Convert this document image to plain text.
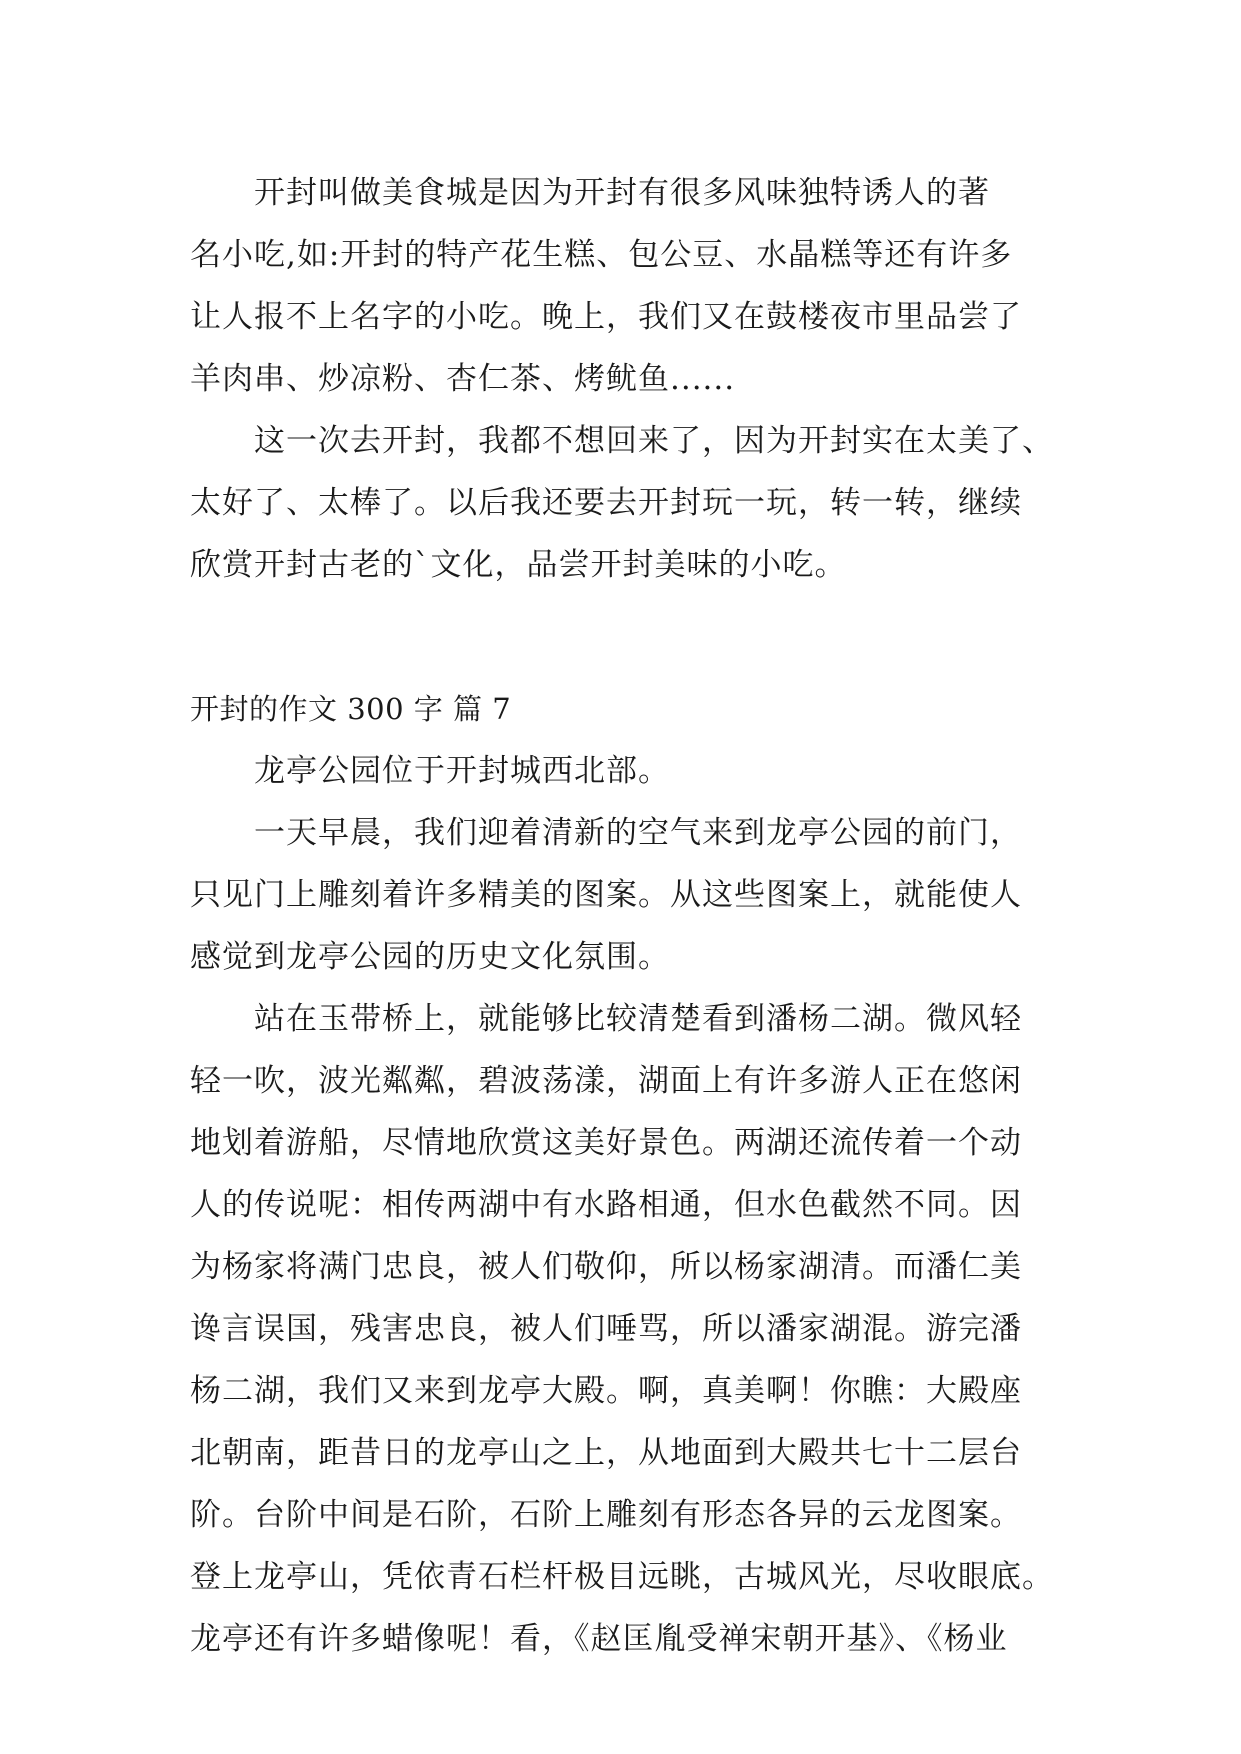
开封叫做美食城是因为开封有很多风味独特诱人的著
名小吃,如:开封的特产花生糕、包公豆、水晶糕等还有许多
让人报不上名字的小吃。晚上，我们又在鼓楼夜市里品尝了
羊肉串、炒凉粉、杏仁茶、烤鱿鱼......
这一次去开封，我都不想回来了，因为开封实在太美了、
太好了、太棒了。以后我还要去开封玩一玩，转一转，继续
欣赏开封古老的`文化，品尝开封美味的小吃。
开封的作文 300 字 篇 7
龙亭公园位于开封城西北部。
一天早晨，我们迎着清新的空气来到龙亭公园的前门，
只见门上雕刻着许多精美的图案。从这些图案上，就能使人
感觉到龙亭公园的历史文化氛围。
站在玉带桥上，就能够比较清楚看到潘杨二湖。微风轻
轻一吹，波光粼粼，碧波荡漾，湖面上有许多游人正在悠闲
地划着游船，尽情地欣赏这美好景色。两湖还流传着一个动
人的传说呢：相传两湖中有水路相通，但水色截然不同。因
为杨家将满门忠良，被人们敬仰，所以杨家湖清。而潘仁美
谗言误国，残害忠良，被人们唾骂，所以潘家湖混。游完潘
杨二湖，我们又来到龙亭大殿。啊，真美啊！你瞧：大殿座
北朝南，距昔日的龙亭山之上，从地面到大殿共七十二层台
阶。台阶中间是石阶，石阶上雕刻有形态各异的云龙图案。
登上龙亭山，凭依青石栏杆极目远眺，古城风光，尽收眼底。
龙亭还有许多蜡像呢！看，《赵匡胤受禅宋朝开基》、《杨业
